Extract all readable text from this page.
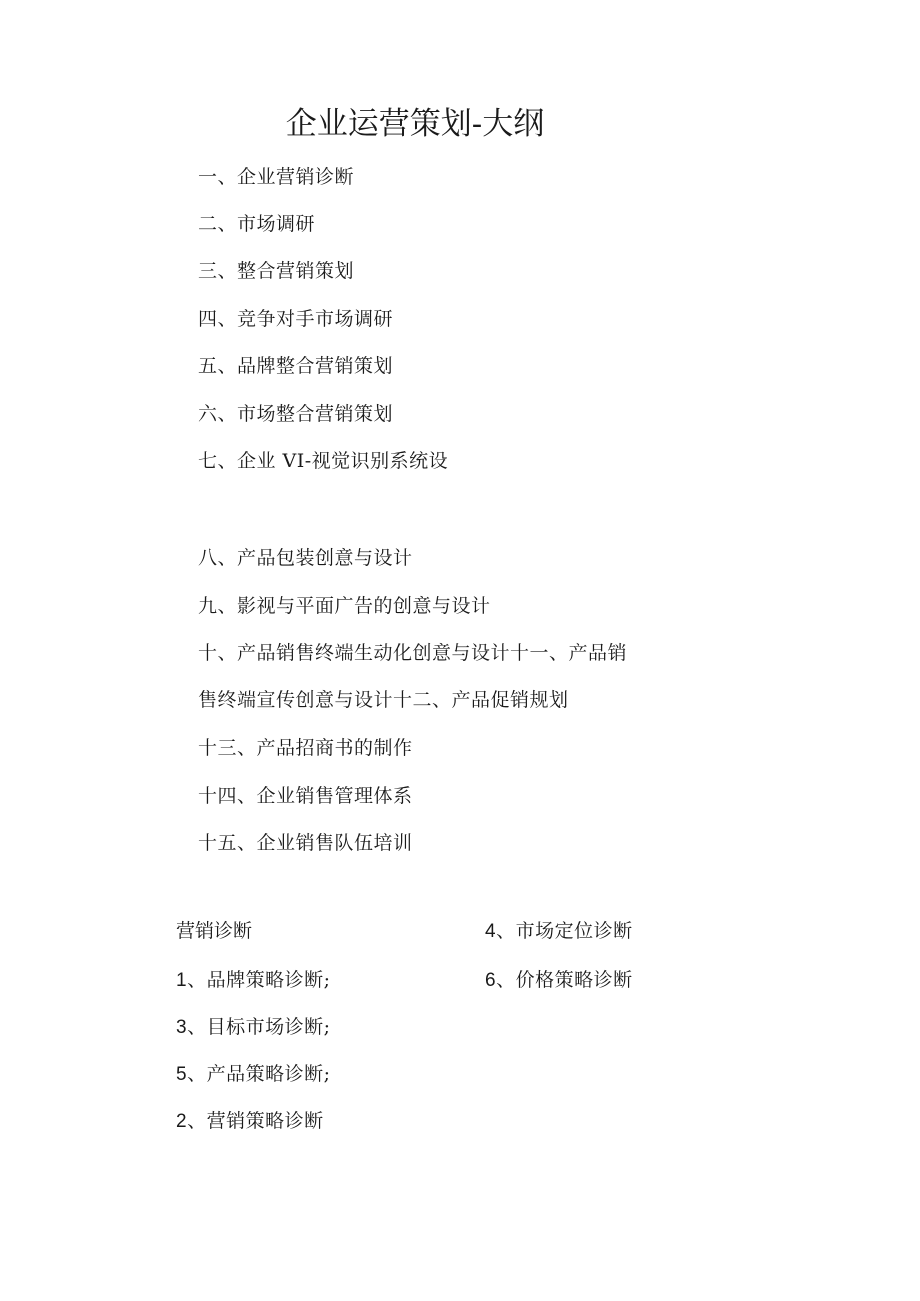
企业运营策划-大纲
一、企业营销诊断
二、市场调研
三、整合营销策划
四、竞争对手市场调研
五、品牌整合营销策划
六、市场整合营销策划
七、企业 VI-视觉识别系统设
八、产品包装创意与设计
九、影视与平面广告的创意与设计
十、产品销售终端生动化创意与设计十一、产品销
售终端宣传创意与设计十二、产品促销规划
十三、产品招商书的制作
十四、企业销售管理体系
十五、企业销售队伍培训
营销诊断
1、品牌策略诊断;
3、目标市场诊断;
5、产品策略诊断;
2、营销策略诊断
4、市场定位诊断
6、价格策略诊断
